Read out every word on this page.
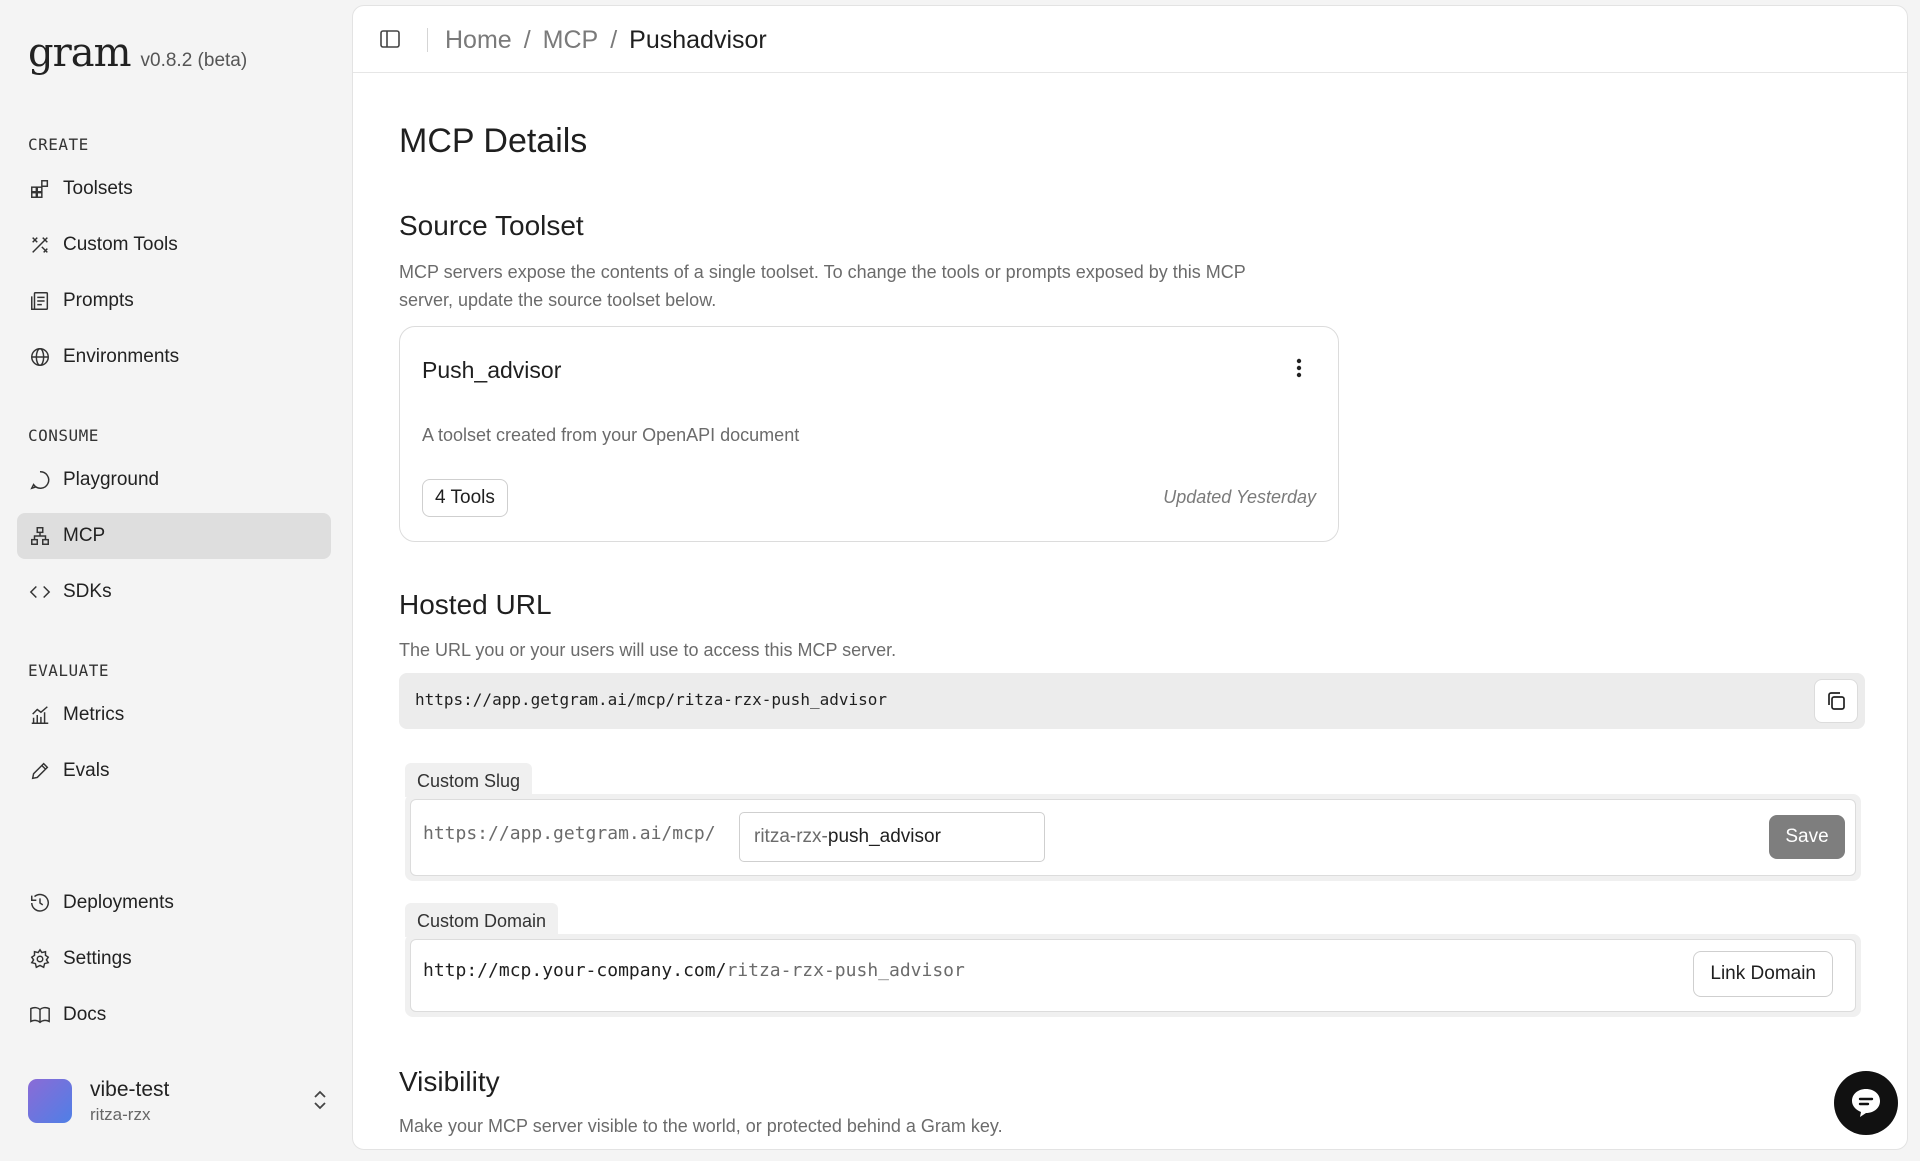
gram v0.8.2 (beta)
CREATE
Toolsets
Custom Tools
Prompts
Environments
CONSUME
Playground
MCP
SDKs
EVALUATE
Metrics
Evals
Deployments
Settings
Docs
vibe-test
ritza-rzx
Home / MCP / Pushadvisor
MCP Details
Source Toolset
MCP servers expose the contents of a single toolset. To change the tools or prompts exposed by this MCP
server, update the source toolset below.
Push_advisor
A toolset created from your OpenAPI document
4 Tools	Updated Yesterday
Hosted URL
The URL you or your users will use to access this MCP server.
https://app.getgram.ai/mcp/ritza-rzx-push_advisor
Custom Slug
https://app.getgram.ai/mcp/	ritza-rzx-push_advisor	Save
Custom Domain
http://mcp.your-company.com/ritza-rzx-push_advisor	Link Domain
Visibility
Make your MCP server visible to the world, or protected behind a Gram key.
